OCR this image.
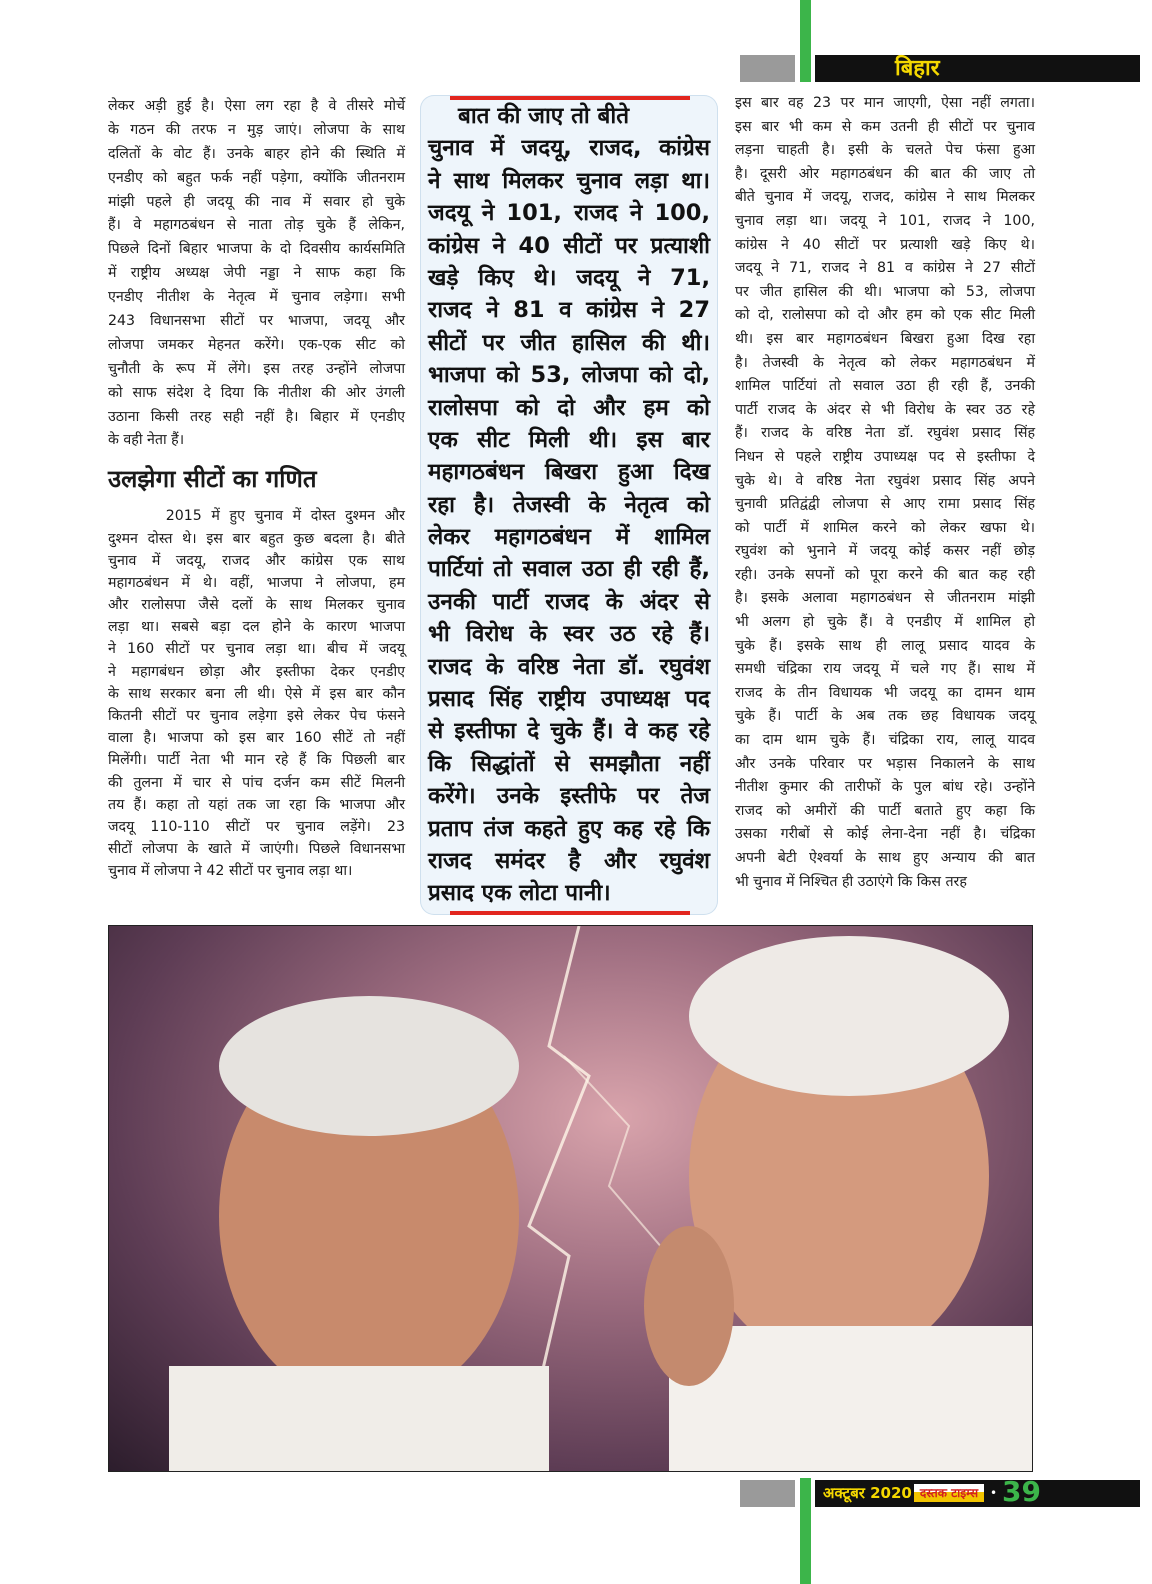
बिहार
लेकर अड़ी हुई है। ऐसा लग रहा है वे तीसरे मोर्चे
के गठन की तरफ न मुड़ जाएं। लोजपा के साथ
दलितों के वोट हैं। उनके बाहर होने की स्थिति में
एनडीए को बहुत फर्क नहीं पड़ेगा, क्योंकि जीतनराम
मांझी पहले ही जदयू की नाव में सवार हो चुके
हैं। वे महागठबंधन से नाता तोड़ चुके हैं लेकिन,
पिछले दिनों बिहार भाजपा के दो दिवसीय कार्यसमिति
में राष्ट्रीय अध्यक्ष जेपी नड्डा ने साफ कहा कि
एनडीए नीतीश के नेतृत्व में चुनाव लड़ेगा। सभी
243 विधानसभा सीटों पर भाजपा, जदयू और
लोजपा जमकर मेहनत करेंगे। एक-एक सीट को
चुनौती के रूप में लेंगे। इस तरह उन्होंने लोजपा
को साफ संदेश दे दिया कि नीतीश की ओर उंगली
उठाना किसी तरह सही नहीं है। बिहार में एनडीए
के वही नेता हैं।
उलझेगा सीटों का गणित
2015 में हुए चुनाव में दोस्त दुश्मन और
दुश्मन दोस्त थे। इस बार बहुत कुछ बदला है। बीते
चुनाव में जदयू, राजद और कांग्रेस एक साथ
महागठबंधन में थे। वहीं, भाजपा ने लोजपा, हम
और रालोसपा जैसे दलों के साथ मिलकर चुनाव
लड़ा था। सबसे बड़ा दल होने के कारण भाजपा
ने 160 सीटों पर चुनाव लड़ा था। बीच में जदयू
ने महागबंधन छोड़ा और इस्तीफा देकर एनडीए
के साथ सरकार बना ली थी। ऐसे में इस बार कौन
कितनी सीटों पर चुनाव लड़ेगा इसे लेकर पेच फंसने
वाला है। भाजपा को इस बार 160 सीटें तो नहीं
मिलेंगी। पार्टी नेता भी मान रहे हैं कि पिछली बार
की तुलना में चार से पांच दर्जन कम सीटें मिलनी
तय हैं। कहा तो यहां तक जा रहा कि भाजपा और
जदयू 110-110 सीटों पर चुनाव लड़ेंगे। 23
सीटों लोजपा के खाते में जाएंगी। पिछले विधानसभा
चुनाव में लोजपा ने 42 सीटों पर चुनाव लड़ा था।
बात की जाए तो बीते
चुनाव में जदयू, राजद, कांग्रेस
ने साथ मिलकर चुनाव लड़ा था।
जदयू ने 101, राजद ने 100,
कांग्रेस ने 40 सीटों पर प्रत्याशी
खड़े किए थे। जदयू ने 71,
राजद ने 81 व कांग्रेस ने 27
सीटों पर जीत हासिल की थी।
भाजपा को 53, लोजपा को दो,
रालोसपा को दो और हम को
एक सीट मिली थी। इस बार
महागठबंधन बिखरा हुआ दिख
रहा है। तेजस्वी के नेतृत्व को
लेकर महागठबंधन में शामिल
पार्टियां तो सवाल उठा ही रही हैं,
उनकी पार्टी राजद के अंदर से
भी विरोध के स्वर उठ रहे हैं।
राजद के वरिष्ठ नेता डॉ. रघुवंश
प्रसाद सिंह राष्ट्रीय उपाध्यक्ष पद
से इस्तीफा दे चुके हैं। वे कह रहे
कि सिद्धांतों से समझौता नहीं
करेंगे। उनके इस्तीफे पर तेज
प्रताप तंज कहते हुए कह रहे कि
राजद समंदर है और रघुवंश
प्रसाद एक लोटा पानी।
इस बार वह 23 पर मान जाएगी, ऐसा नहीं लगता।
इस बार भी कम से कम उतनी ही सीटों पर चुनाव
लड़ना चाहती है। इसी के चलते पेच फंसा हुआ
है। दूसरी ओर महागठबंधन की बात की जाए तो
बीते चुनाव में जदयू, राजद, कांग्रेस ने साथ मिलकर
चुनाव लड़ा था। जदयू ने 101, राजद ने 100,
कांग्रेस ने 40 सीटों पर प्रत्याशी खड़े किए थे।
जदयू ने 71, राजद ने 81 व कांग्रेस ने 27 सीटों
पर जीत हासिल की थी। भाजपा को 53, लोजपा
को दो, रालोसपा को दो और हम को एक सीट मिली
थी। इस बार महागठबंधन बिखरा हुआ दिख रहा
है। तेजस्वी के नेतृत्व को लेकर महागठबंधन में
शामिल पार्टियां तो सवाल उठा ही रही हैं, उनकी
पार्टी राजद के अंदर से भी विरोध के स्वर उठ रहे
हैं। राजद के वरिष्ठ नेता डॉ. रघुवंश प्रसाद सिंह
निधन से पहले राष्ट्रीय उपाध्यक्ष पद से इस्तीफा दे
चुके थे। वे वरिष्ठ नेता रघुवंश प्रसाद सिंह अपने
चुनावी प्रतिद्वंद्वी लोजपा से आए रामा प्रसाद सिंह
को पार्टी में शामिल करने को लेकर खफा थे।
रघुवंश को भुनाने में जदयू कोई कसर नहीं छोड़
रही। उनके सपनों को पूरा करने की बात कह रही
है। इसके अलावा महागठबंधन से जीतनराम मांझी
भी अलग हो चुके हैं। वे एनडीए में शामिल हो
चुके हैं। इसके साथ ही लालू प्रसाद यादव के
समधी चंद्रिका राय जदयू में चले गए हैं। साथ में
राजद के तीन विधायक भी जदयू का दामन थाम
चुके हैं। पार्टी के अब तक छह विधायक जदयू
का दाम थाम चुके हैं। चंद्रिका राय, लालू यादव
और उनके परिवार पर भड़ास निकालने के साथ
नीतीश कुमार की तारीफों के पुल बांध रहे। उन्होंने
राजद को अमीरों की पार्टी बताते हुए कहा कि
उसका गरीबों से कोई लेना-देना नहीं है। चंद्रिका
अपनी बेटी ऐश्वर्या के साथ हुए अन्याय की बात
भी चुनाव में निश्चित ही उठाएंगे कि किस तरह
अक्टूबर 2020 दस्तक टाइम्स • 39
